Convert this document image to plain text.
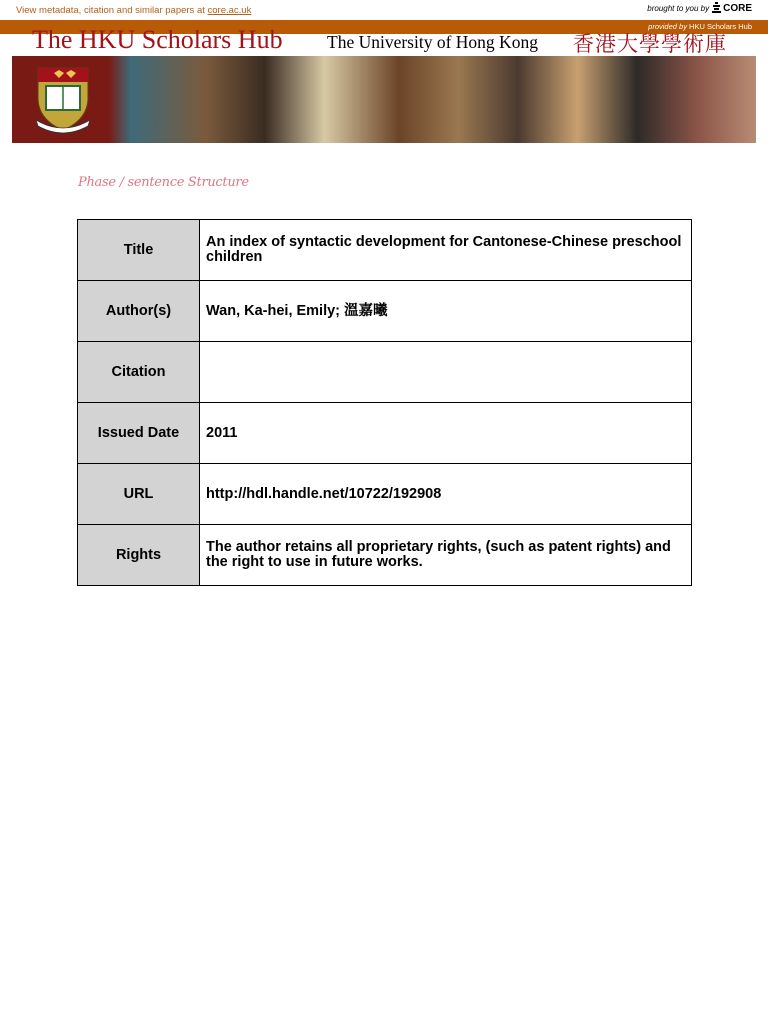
View metadata, citation and similar papers at core.ac.uk	brought to you by CORE
provided by HKU Scholars Hub
The HKU Scholars Hub	The University of Hong Kong 香港大學學術庫
Phase / sentence Structure
Title	An index of syntactic development for Cantonese-Chinese preschool children
Author(s)	Wan, Ka-hei, Emily; 溫嘉曦
Citation	
Issued Date	2011
URL	http://hdl.handle.net/10722/192908
Rights	The author retains all proprietary rights, (such as patent rights) and the right to use in future works.
